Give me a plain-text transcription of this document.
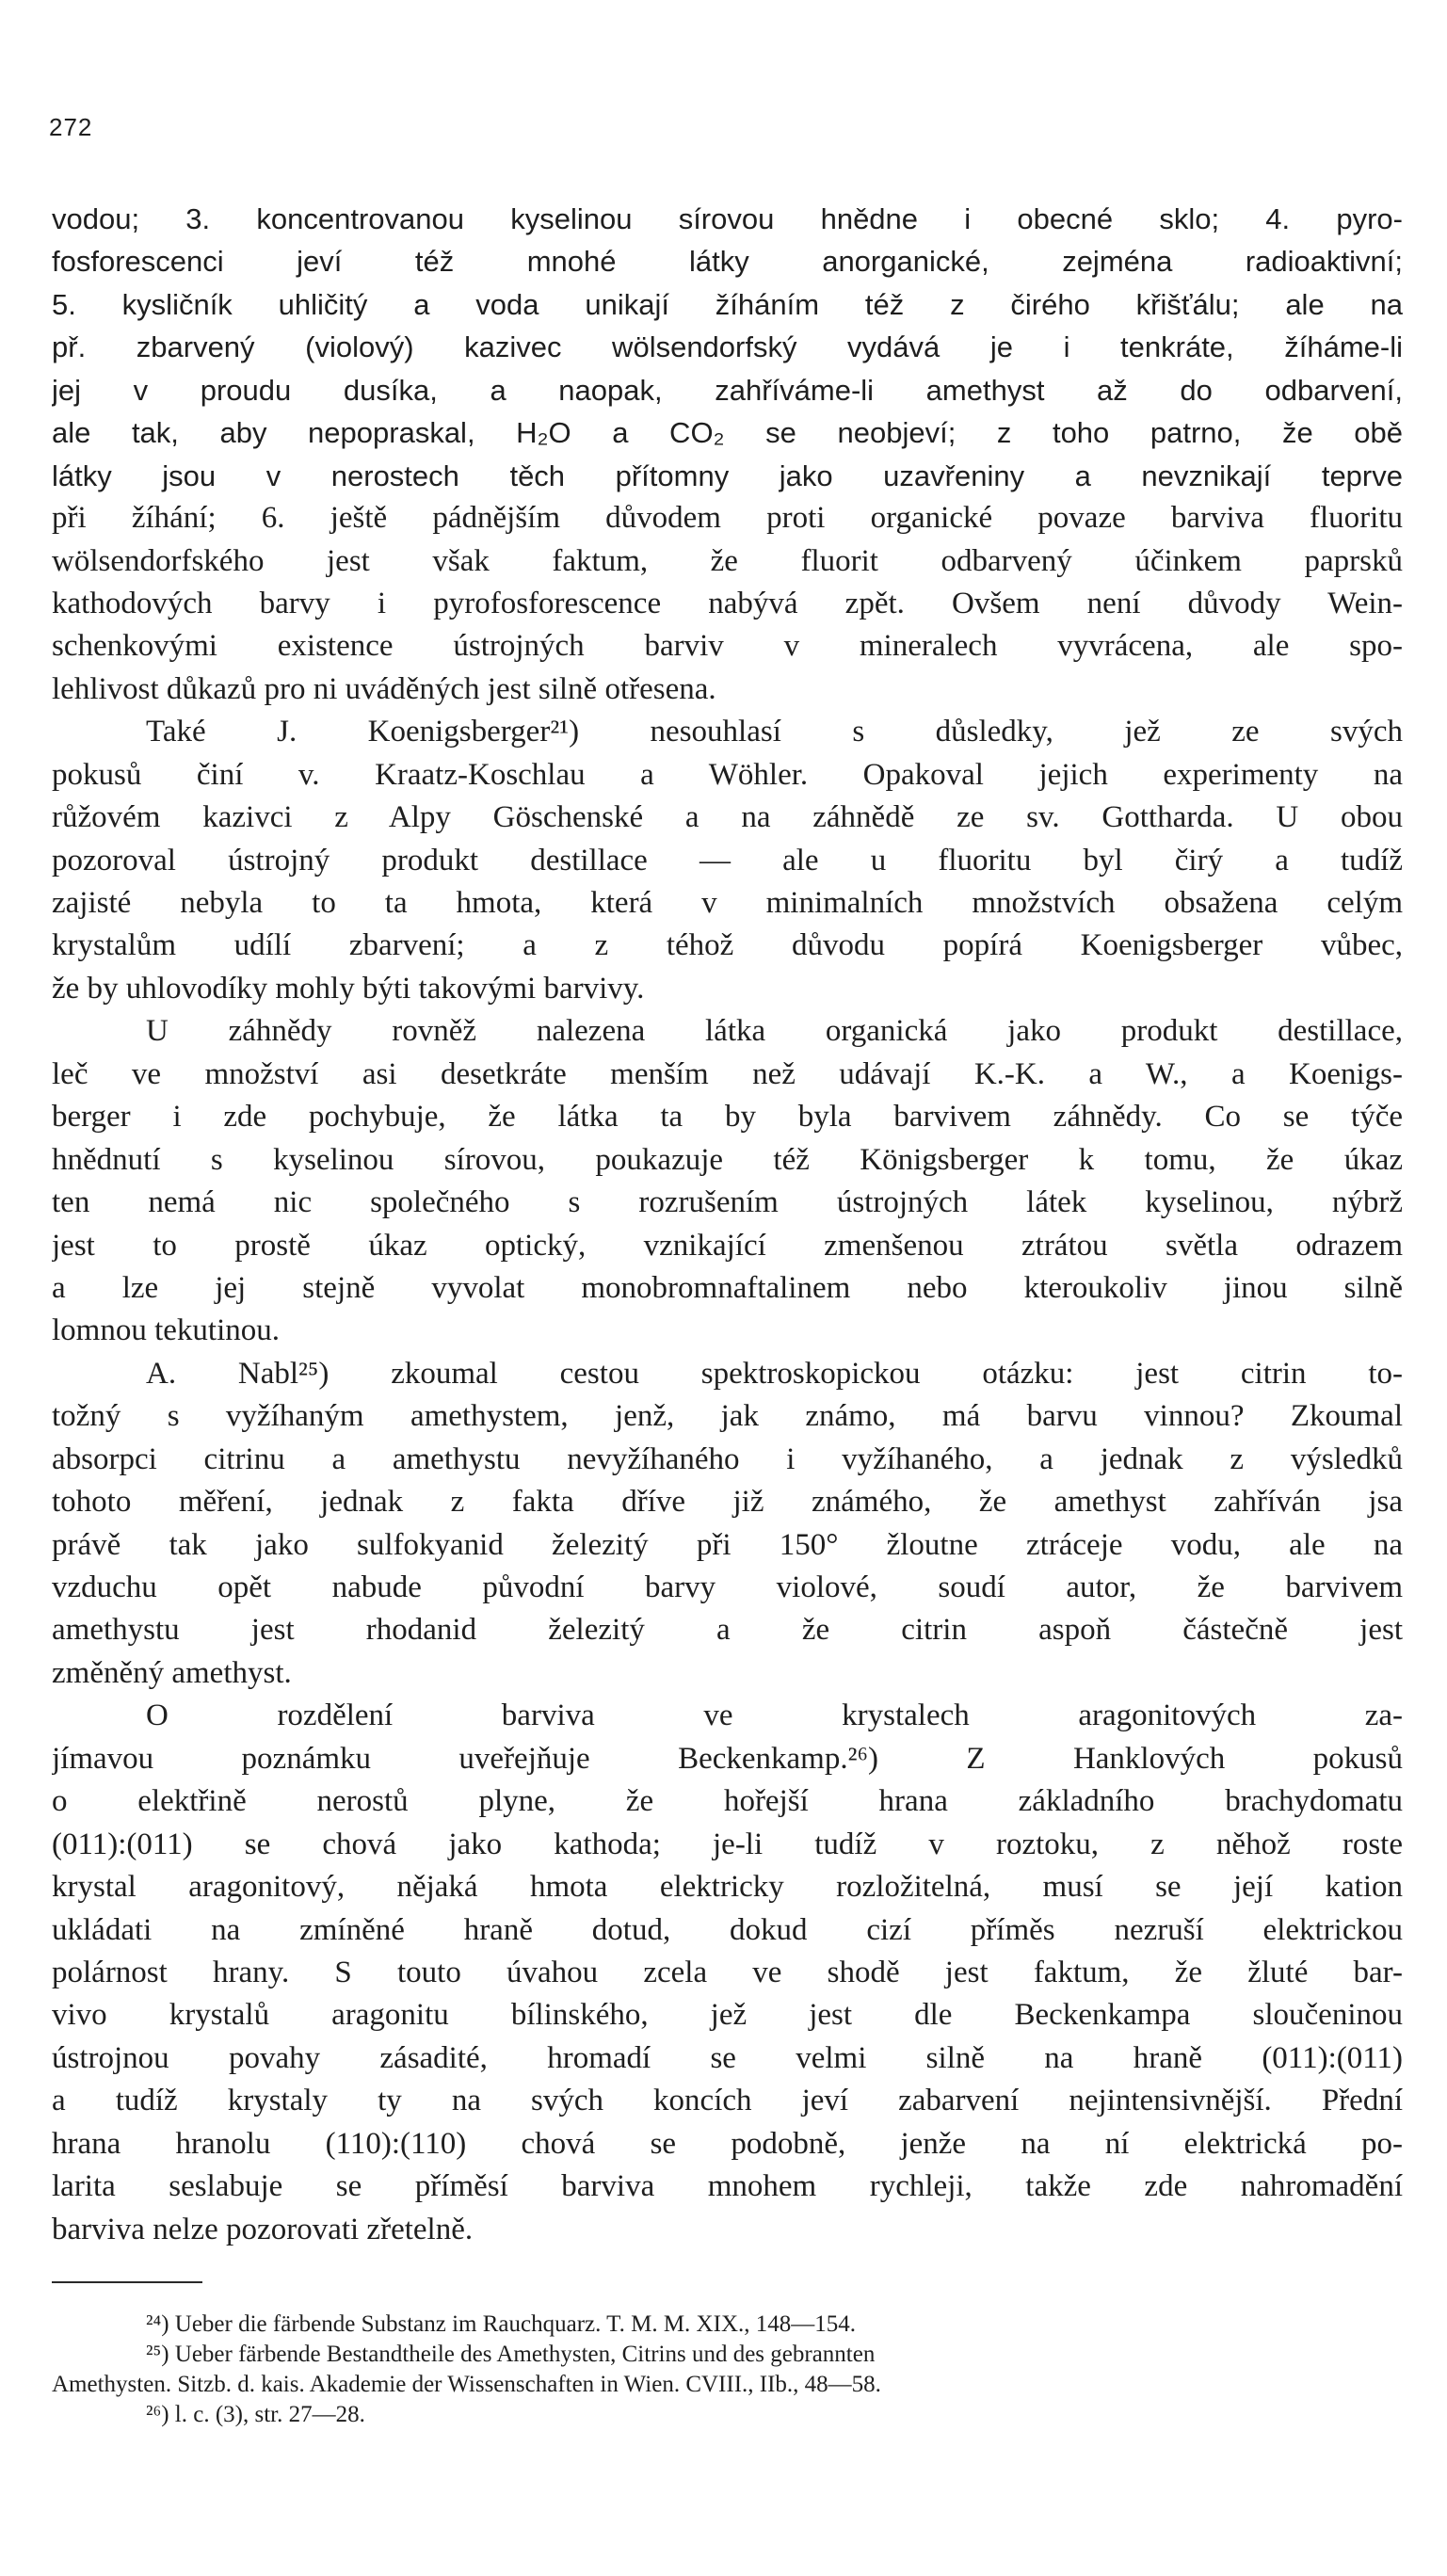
272
vodou; 3. koncentrovanou kyselinou sírovou hnědne i obecné sklo; 4. pyro-
fosforescenci jeví též mnohé látky anorganické, zejména radioaktivní;
5. kysličník uhličitý a voda unikají žíháním též z čirého křišťálu; ale na
př. zbarvený (violový) kazivec wölsendorfský vydává je i tenkráte, žíháme-li
jej v proudu dusíka, a naopak, zahříváme-li amethyst až do odbarvení,
ale tak, aby nepopraskal, H₂O a CO₂ se neobjeví; z toho patrno, že obě
látky jsou v nerostech těch přítomny jako uzavřeniny a nevznikají teprve
při žíhání; 6. ještě pádnějším důvodem proti organické povaze barviva fluoritu
wölsendorfského jest však faktum, že fluorit odbarvený účinkem paprsků
kathodových barvy i pyrofosforescence nabývá zpět. Ovšem není důvody Wein-
schenkovými existence ústrojných barviv v mineralech vyvrácena, ale spo-
lehlivost důkazů pro ni uváděných jest silně otřesena.
Také J. Koenigsberger²¹) nesouhlasí s důsledky, jež ze svých
pokusů činí v. Kraatz-Koschlau a Wöhler. Opakoval jejich experimenty na
růžovém kazivci z Alpy Göschenské a na záhnědě ze sv. Gottharda. U obou
pozoroval ústrojný produkt destillace — ale u fluoritu byl čirý a tudíž
zajisté nebyla to ta hmota, která v minimalních množstvích obsažena celým
krystalům udílí zbarvení; a z téhož důvodu popírá Koenigsberger vůbec,
že by uhlovodíky mohly býti takovými barvivy.
U záhnědy rovněž nalezena látka organická jako produkt destillace,
leč ve množství asi desetkráte menším než udávají K.-K. a W., a Koenigs-
berger i zde pochybuje, že látka ta by byla barvivem záhnědy. Co se týče
hnědnutí s kyselinou sírovou, poukazuje též Königsberger k tomu, že úkaz
ten nemá nic společného s rozrušením ústrojných látek kyselinou, nýbrž
jest to prostě úkaz optický, vznikající zmenšenou ztrátou světla odrazem
a lze jej stejně vyvolat monobromnaftalinem nebo kteroukoliv jinou silně
lomnou tekutinou.
A. Nabl²⁵) zkoumal cestou spektroskopickou otázku: jest citrin to-
tožný s vyžíhaným amethystem, jenž, jak známo, má barvu vinnou? Zkoumal
absorpci citrinu a amethystu nevyžíhaného i vyžíhaného, a jednak z výsledků
tohoto měření, jednak z fakta dříve již známého, že amethyst zahříván jsa
právě tak jako sulfokyanid železitý při 150° žloutne ztráceje vodu, ale na
vzduchu opět nabude původní barvy violové, soudí autor, že barvivem
amethystu jest rhodanid železitý a že citrin aspoň částečně jest
změněný amethyst.
O rozdělení barviva ve krystalech aragonitových za-
jímavou poznámku uveřejňuje Beckenkamp.²⁶) Z Hanklových pokusů
o elektřině nerostů plyne, že hořejší hrana základního brachydomatu
(011):(011) se chová jako kathoda; je-li tudíž v roztoku, z něhož roste
krystal aragonitový, nějaká hmota elektricky rozložitelná, musí se její kation
ukládati na zmíněné hraně dotud, dokud cizí příměs nezruší elektrickou
polárnost hrany. S touto úvahou zcela ve shodě jest faktum, že žluté bar-
vivo krystalů aragonitu bílinského, jež jest dle Beckenkampa sloučeninou
ústrojnou povahy zásadité, hromadí se velmi silně na hraně (011):(011)
a tudíž krystaly ty na svých koncích jeví zabarvení nejintensivnější. Přední
hrana hranolu (110):(110) chová se podobně, jenže na ní elektrická po-
larita seslabuje se příměsí barviva mnohem rychleji, takže zde nahromadění
barviva nelze pozorovati zřetelně.
²⁴) Ueber die färbende Substanz im Rauchquarz. T. M. M. XIX., 148—154.
²⁵) Ueber färbende Bestandtheile des Amethysten, Citrins und des gebrannten
Amethysten. Sitzb. d. kais. Akademie der Wissenschaften in Wien. CVIII., IIb., 48—58.
²⁶) l. c. (3), str. 27—28.
